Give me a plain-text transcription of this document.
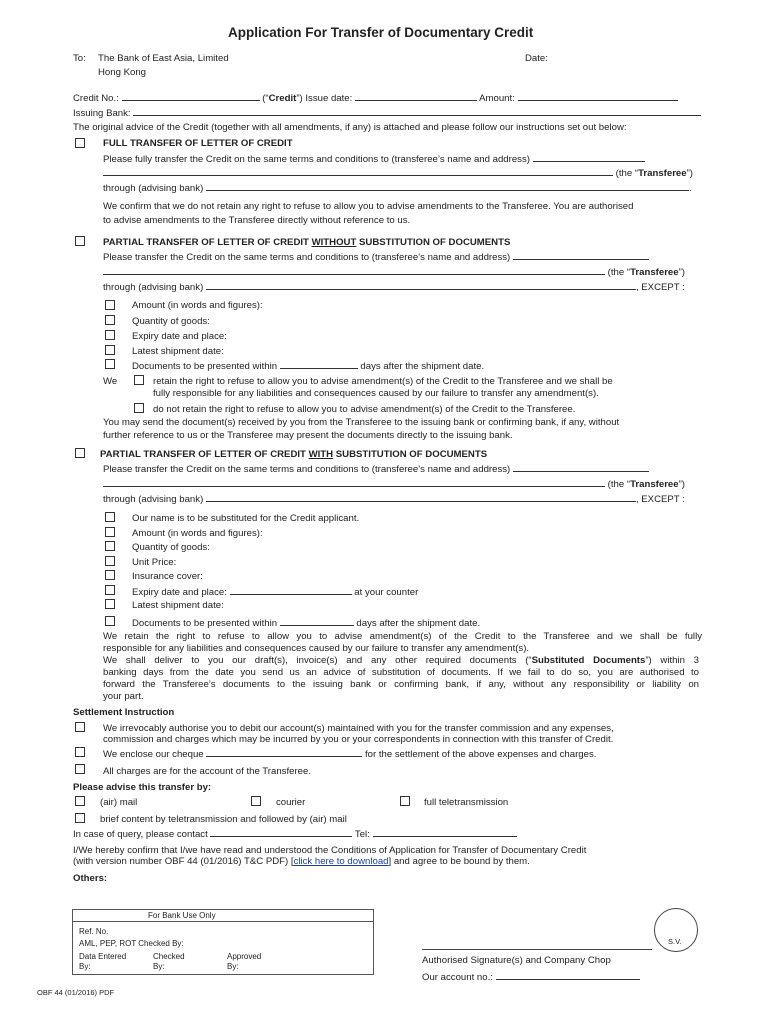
Application For Transfer of Documentary Credit
To: The Bank of East Asia, Limited
Hong Kong
Date:
Credit No.:	(“Credit”) Issue date:	Amount:
Issuing Bank:
The original advice of the Credit (together with all amendments, if any) is attached and please follow our instructions set out below:
FULL TRANSFER OF LETTER OF CREDIT
Please fully transfer the Credit on the same terms and conditions to (transferee’s name and address)
(the “Transferee”)
through (advising bank)	.
We confirm that we do not retain any right to refuse to allow you to advise amendments to the Transferee. You are authorised
to advise amendments to the Transferee directly without reference to us.
PARTIAL TRANSFER OF LETTER OF CREDIT WITHOUT SUBSTITUTION OF DOCUMENTS
Please transfer the Credit on the same terms and conditions to (transferee’s name and address)
(the “Transferee”)
through (advising bank)	, EXCEPT :
Amount (in words and figures):
Quantity of goods:
Expiry date and place:
Latest shipment date:
Documents to be presented within	days after the shipment date.
We	retain the right to refuse to allow you to advise amendment(s) of the Credit to the Transferee and we shall be
fully responsible for any liabilities and consequences caused by our failure to transfer any amendment(s).
do not retain the right to refuse to allow you to advise amendment(s) of the Credit to the Transferee.
You may send the document(s) received by you from the Transferee to the issuing bank or confirming bank, if any, without
further reference to us or the Transferee may present the documents directly to the issuing bank.
PARTIAL TRANSFER OF LETTER OF CREDIT WITH SUBSTITUTION OF DOCUMENTS
Please transfer the Credit on the same terms and conditions to (transferee’s name and address)
(the “Transferee”)
through (advising bank)	, EXCEPT :
Our name is to be substituted for the Credit applicant.
Amount (in words and figures):
Quantity of goods:
Unit Price:
Insurance cover:
Expiry date and place:	at your counter
Latest shipment date:
Documents to be presented within	days after the shipment date.
We retain the right to refuse to allow you to advise amendment(s) of the Credit to the Transferee and we shall be fully
responsible for any liabilities and consequences caused by our failure to transfer any amendment(s).
We shall deliver to you our draft(s), invoice(s) and any other required documents (“Substituted Documents”) within 3
banking days from the date you send us an advice of substitution of documents. If we fail to do so, you are authorised to
forward the Transferee’s documents to the issuing bank or confirming bank, if any, without any responsibility or liability on
your part.
Settlement Instruction
We irrevocably authorise you to debit our account(s) maintained with you for the transfer commission and any expenses,
commission and charges which may be incurred by you or your correspondents in connection with this transfer of Credit.
We enclose our cheque	for the settlement of the above expenses and charges.
All charges are for the account of the Transferee.
Please advise this transfer by:
(air) mail	courier	full teletransmission
brief content by teletransmission and followed by (air) mail
In case of query, please contact	Tel:
I/We hereby confirm that I/we have read and understood the Conditions of Application for Transfer of Documentary Credit
(with version number OBF 44 (01/2016) T&C PDF) [click here to download] and agree to be bound by them.
Others:
For Bank Use Only
Ref. No.
AML, PEP, ROT Checked By:
Data Entered
By:
Checked
By:
Approved
By:
S.V.
Authorised Signature(s) and Company Chop
Our account no.:
OBF 44 (01/2016) PDF
